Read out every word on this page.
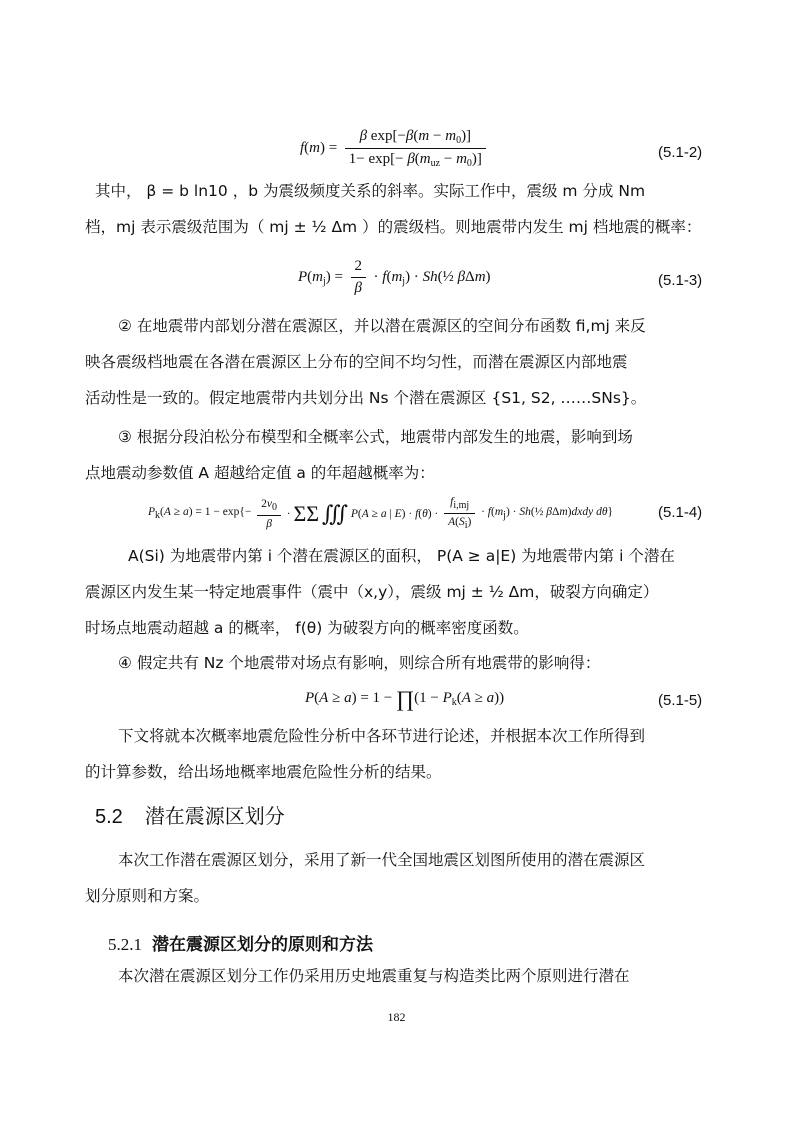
$f(m) = \frac{\beta \exp[-\beta(m - m_0)]}{1- \exp[- \beta(m_{uz} - m_0)]}$	(5.1-2)
其中， β = b ln10 ，b 为震级频度关系的斜率。实际工作中，震级 m 分成 Nm
档，mj 表示震级范围为（ mj ± ½ Δm ）的震级档。则地震带内发生 mj 档地震的概率：
$P(m_j) = \frac{2}{\beta} \cdot f(m_j)$ · Sh(½ βΔm)	(5.1-3)
② 在地震带内部划分潜在震源区，并以潜在震源区的空间分布函数 fi,mj 来反
映各震级档地震在各潜在震源区上分布的空间不均匀性，而潜在震源区内部地震
活动性是一致的。假定地震带内共划分出 Ns 个潜在震源区 {S1, S2, ……SNs}。
③ 根据分段泊松分布模型和全概率公式，地震带内部发生的地震，影响到场
点地震动参数值 A 超越给定值 a 的年超越概率为：
$P_k(A \ge a) = 1 - \exp\{- \frac{2\nu_0}{\beta} \cdot \Sigma\Sigma$ ∭ P(A ≥ a | $E) \cdot f(\theta) \cdot \frac{f_{i,mj}}{A(S_i)} \cdot f(m_j)$ · Sh(½ βΔm)dxdy dθ}	(5.1-4)
A(Si) 为地震带内第 i 个潜在震源区的面积， P(A ≥ a|E) 为地震带内第 i 个潜在
震源区内发生某一特定地震事件（震中（x,y），震级 mj ± ½ Δm，破裂方向确定）
时场点地震动超越 a 的概率， f(θ) 为破裂方向的概率密度函数。
④ 假定共有 Nz 个地震带对场点有影响，则综合所有地震带的影响得：
P(A ≥ a) = 1 − ∏(1 − $P_k(A \ge a)$)	(5.1-5)
下文将就本次概率地震危险性分析中各环节进行论述，并根据本次工作所得到
的计算参数，给出场地概率地震危险性分析的结果。
5.2 潜在震源区划分
本次工作潜在震源区划分，采用了新一代全国地震区划图所使用的潜在震源区
划分原则和方案。
5.2.1 潜在震源区划分的原则和方法
本次潜在震源区划分工作仍采用历史地震重复与构造类比两个原则进行潜在
182
